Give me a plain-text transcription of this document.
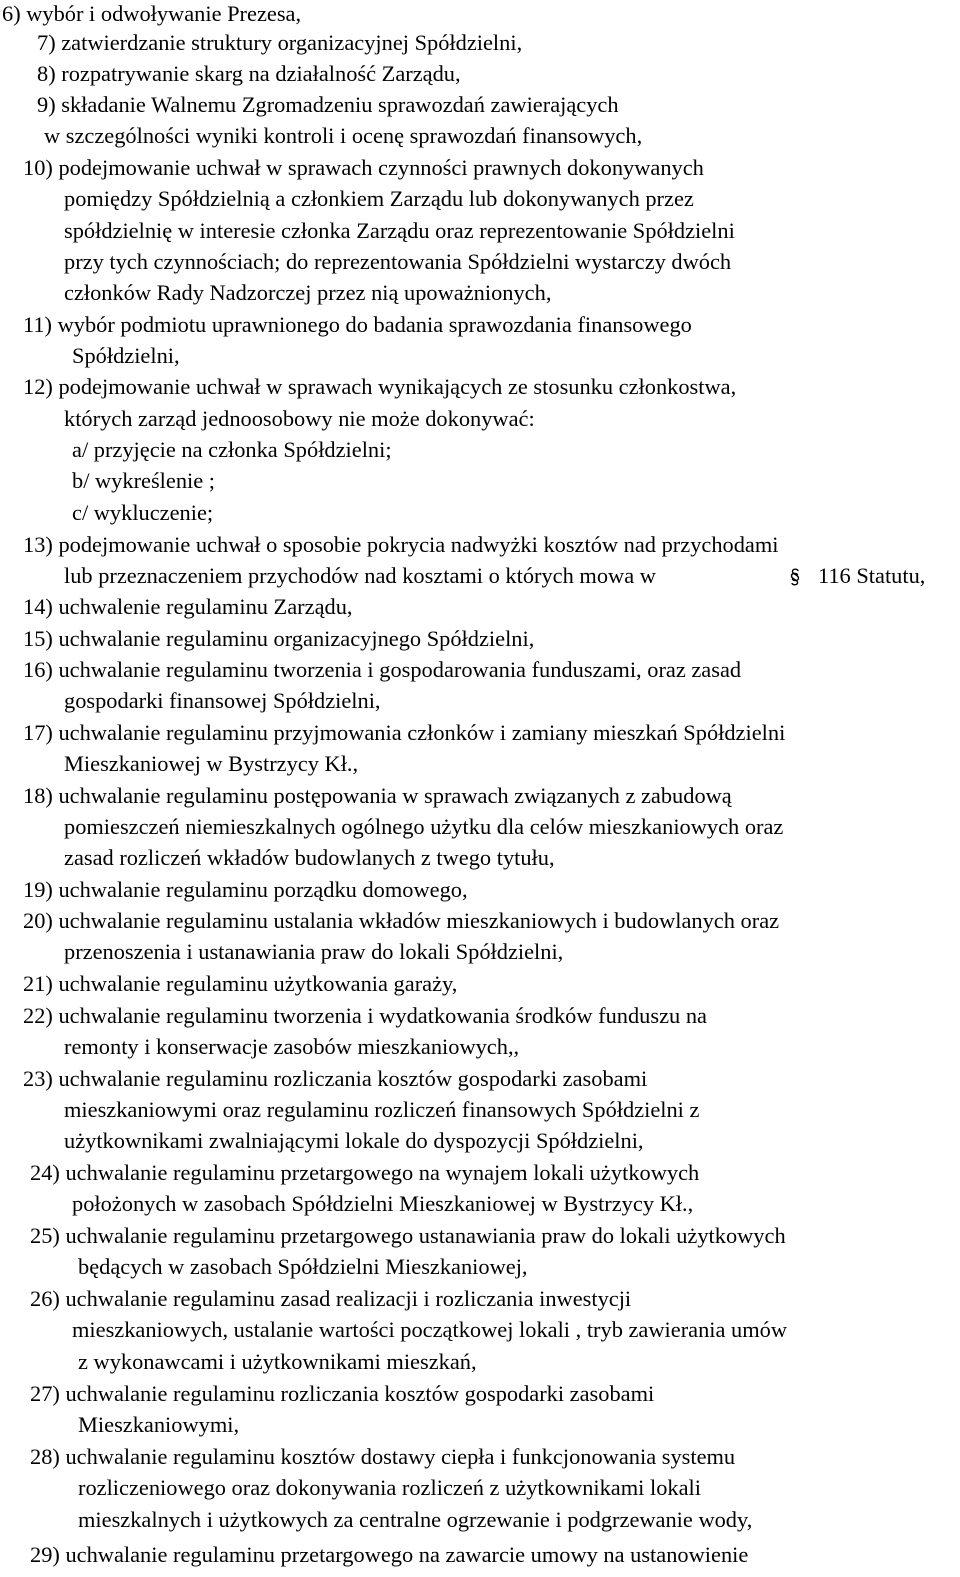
6) wybór i odwoływanie Prezesa,
7) zatwierdzanie struktury organizacyjnej Spółdzielni,
8) rozpatrywanie skarg na działalność Zarządu,
9) składanie Walnemu Zgromadzeniu sprawozdań zawierających
w szczególności wyniki kontroli i ocenę sprawozdań finansowych,
10) podejmowanie uchwał w sprawach czynności prawnych dokonywanych
pomiędzy Spółdzielnią a członkiem Zarządu lub dokonywanych przez
spółdzielnię w interesie członka Zarządu oraz reprezentowanie Spółdzielni
przy tych czynnościach; do reprezentowania Spółdzielni wystarczy dwóch
członków Rady Nadzorczej przez nią upoważnionych,
11) wybór podmiotu uprawnionego do badania sprawozdania finansowego
Spółdzielni,
12) podejmowanie uchwał w sprawach wynikających ze stosunku członkostwa,
których zarząd jednoosobowy nie może dokonywać:
a/ przyjęcie na członka Spółdzielni;
b/ wykreślenie ;
c/ wykluczenie;
13) podejmowanie uchwał o sposobie pokrycia nadwyżki kosztów nad przychodami
lub przeznaczeniem przychodów nad kosztami o których mowa w	116 Statutu,
14) uchwalenie regulaminu Zarządu,
15) uchwalanie regulaminu organizacyjnego Spółdzielni,
16) uchwalanie regulaminu tworzenia i gospodarowania funduszami, oraz zasad
gospodarki finansowej Spółdzielni,
17) uchwalanie regulaminu przyjmowania członków i zamiany mieszkań Spółdzielni
Mieszkaniowej w Bystrzycy Kł.,
18) uchwalanie regulaminu postępowania w sprawach związanych z zabudową
pomieszczeń niemieszkalnych ogólnego użytku dla celów mieszkaniowych oraz
zasad rozliczeń wkładów budowlanych z twego tytułu,
19) uchwalanie regulaminu porządku domowego,
20) uchwalanie regulaminu ustalania wkładów mieszkaniowych i budowlanych oraz
przenoszenia i ustanawiania praw do lokali Spółdzielni,
21) uchwalanie regulaminu użytkowania garaży,
22) uchwalanie regulaminu tworzenia i wydatkowania środków funduszu na
remonty i konserwacje zasobów mieszkaniowych,,
23) uchwalanie regulaminu rozliczania kosztów gospodarki zasobami
mieszkaniowymi oraz regulaminu rozliczeń finansowych Spółdzielni z
użytkownikami zwalniającymi lokale do dyspozycji Spółdzielni,
24) uchwalanie regulaminu przetargowego na wynajem lokali użytkowych
położonych w zasobach Spółdzielni Mieszkaniowej w Bystrzycy Kł.,
25) uchwalanie regulaminu przetargowego ustanawiania praw do lokali użytkowych
będących w zasobach Spółdzielni Mieszkaniowej,
26) uchwalanie regulaminu zasad realizacji i rozliczania inwestycji
mieszkaniowych, ustalanie wartości początkowej lokali , tryb zawierania umów
z wykonawcami i użytkownikami mieszkań,
27) uchwalanie regulaminu rozliczania kosztów gospodarki zasobami
Mieszkaniowymi,
28) uchwalanie regulaminu kosztów dostawy ciepła i funkcjonowania systemu
rozliczeniowego oraz dokonywania rozliczeń z użytkownikami lokali
mieszkalnych i użytkowych za centralne ogrzewanie i podgrzewanie wody,
29) uchwalanie regulaminu przetargowego na zawarcie umowy na ustanowienie
